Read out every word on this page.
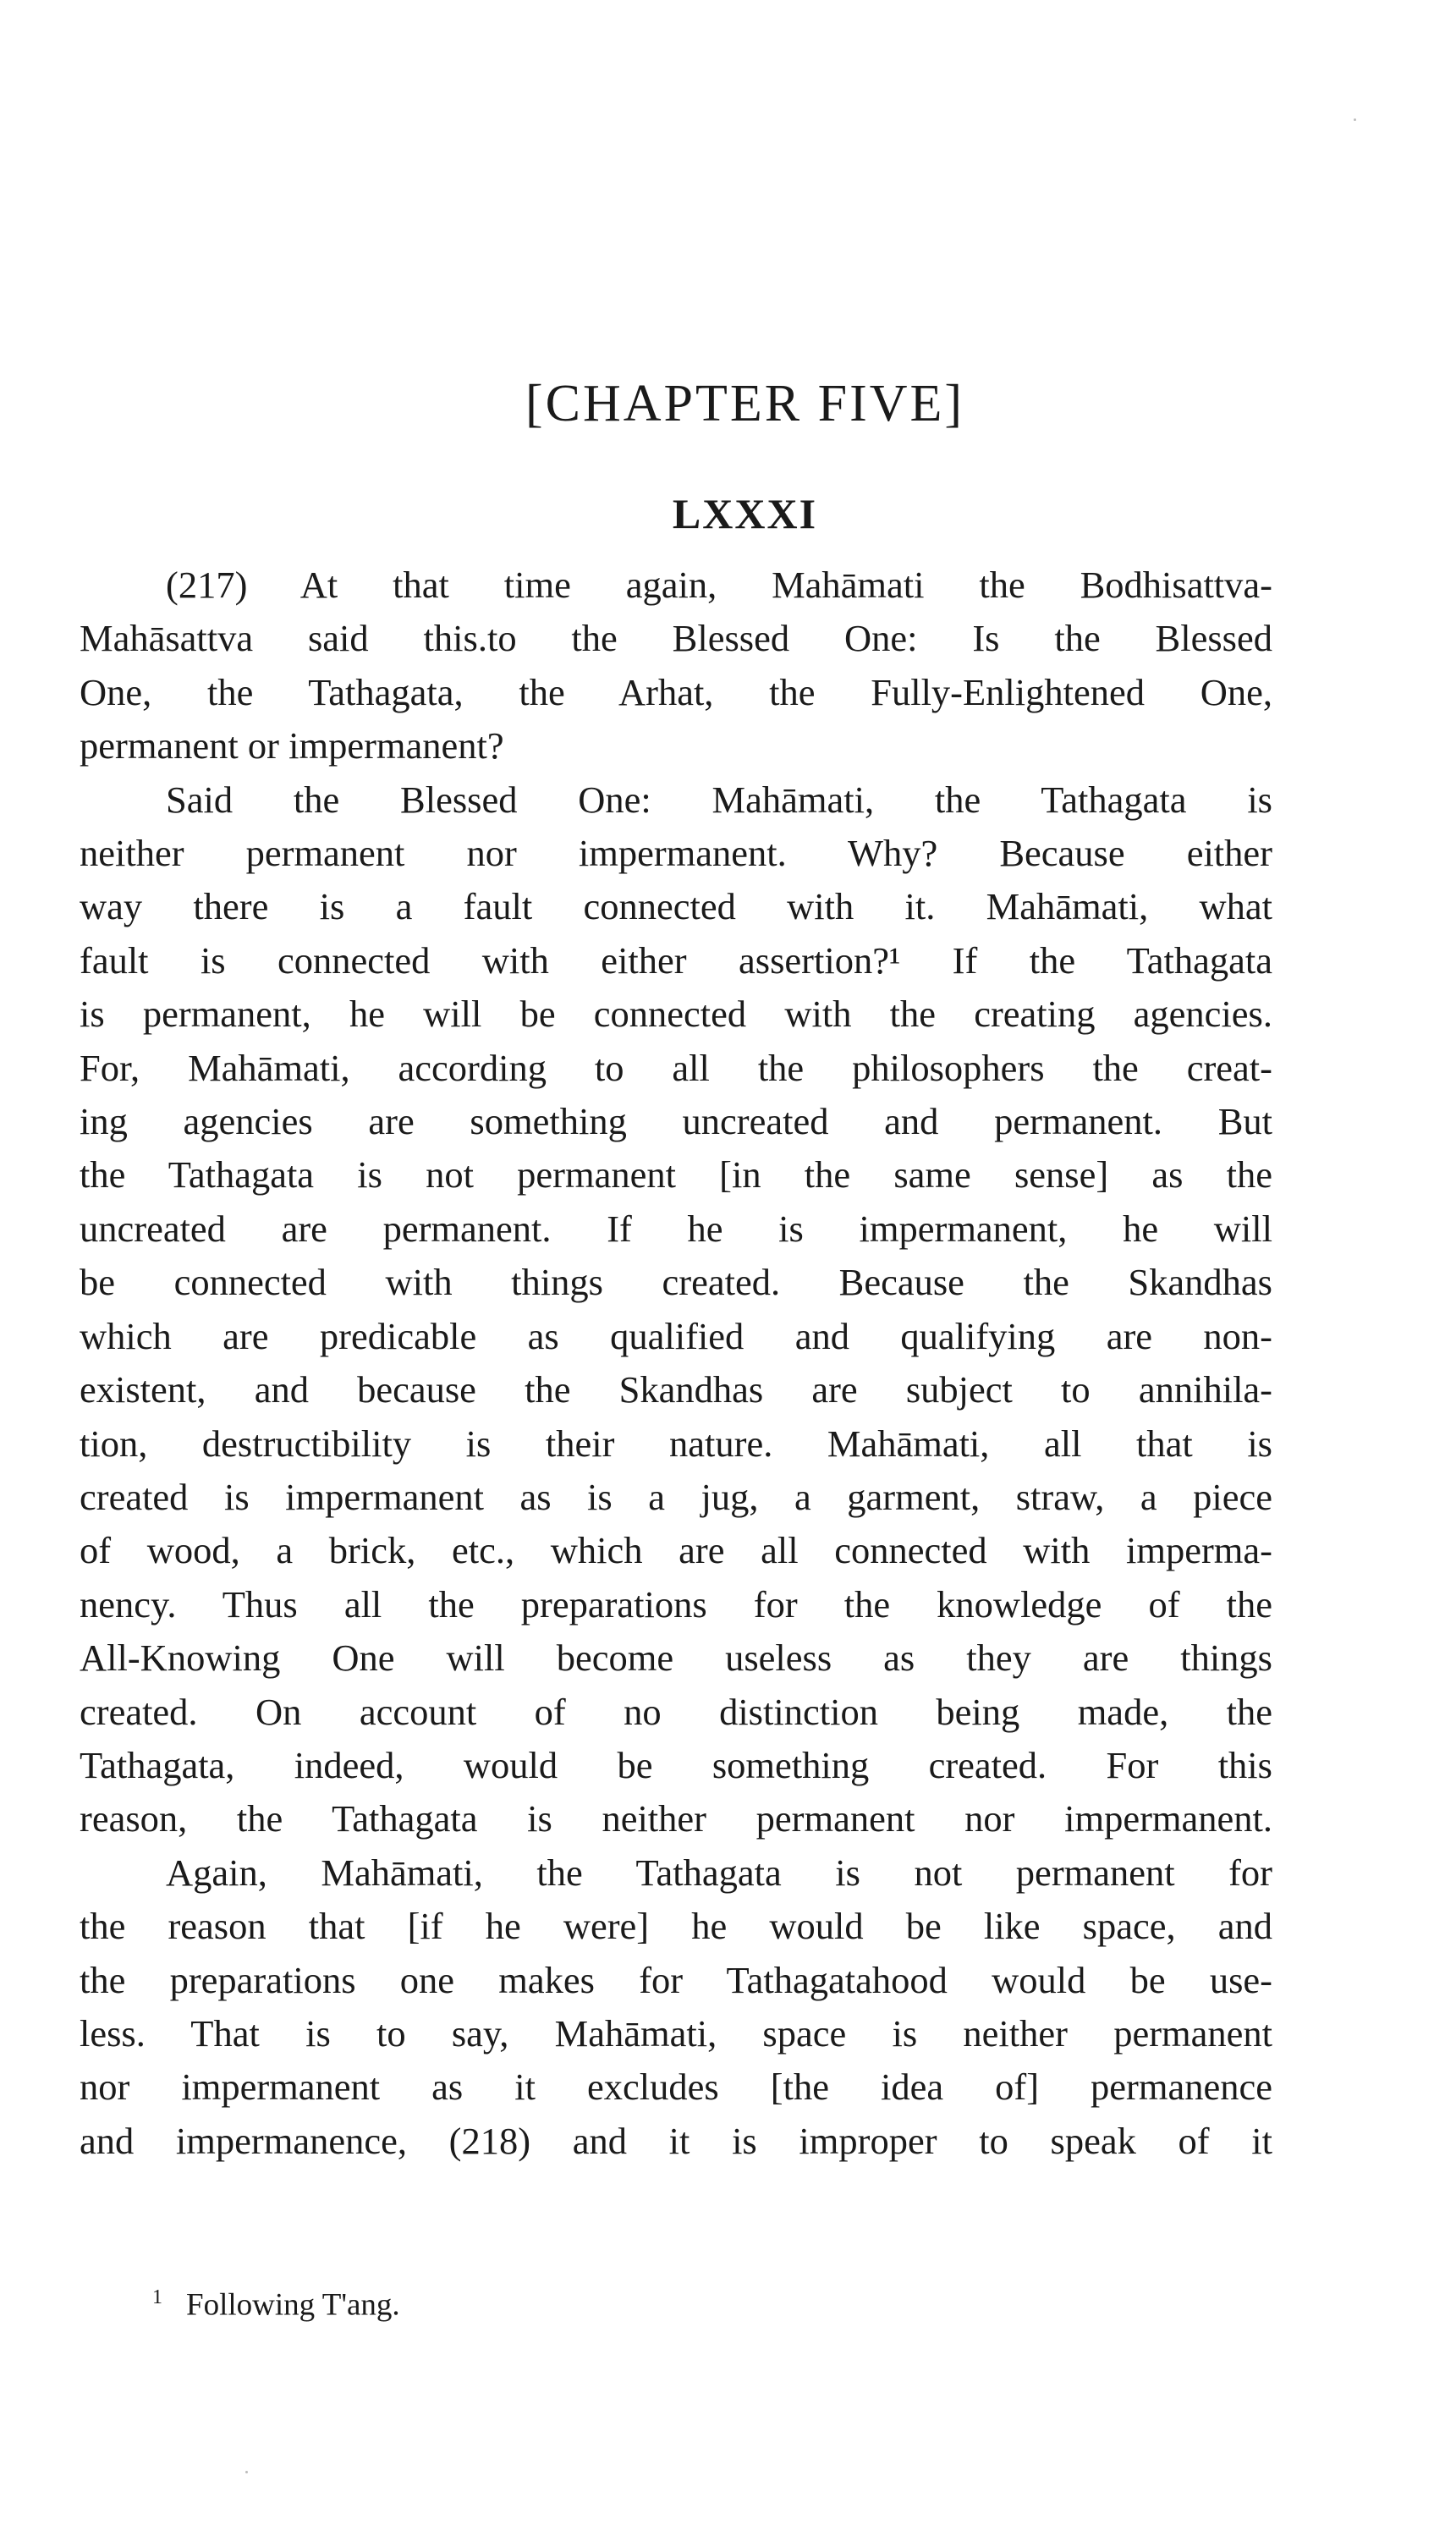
[CHAPTER FIVE]
LXXXI
(217) At that time again, Mahāmati the Bodhisattva-
Mahāsattva said this.to the Blessed One: Is the Blessed
One, the Tathagata, the Arhat, the Fully-Enlightened One,
permanent or impermanent?
Said the Blessed One: Mahāmati, the Tathagata is
neither permanent nor impermanent. Why? Because either
way there is a fault connected with it. Mahāmati, what
fault is connected with either assertion?¹ If the Tathagata
is permanent, he will be connected with the creating agencies.
For, Mahāmati, according to all the philosophers the creat-
ing agencies are something uncreated and permanent. But
the Tathagata is not permanent [in the same sense] as the
uncreated are permanent. If he is impermanent, he will
be connected with things created. Because the Skandhas
which are predicable as qualified and qualifying are non-
existent, and because the Skandhas are subject to annihila-
tion, destructibility is their nature. Mahāmati, all that is
created is impermanent as is a jug, a garment, straw, a piece
of wood, a brick, etc., which are all connected with imperma-
nency. Thus all the preparations for the knowledge of the
All-Knowing One will become useless as they are things
created. On account of no distinction being made, the
Tathagata, indeed, would be something created. For this
reason, the Tathagata is neither permanent nor impermanent.
Again, Mahāmati, the Tathagata is not permanent for
the reason that [if he were] he would be like space, and
the preparations one makes for Tathagatahood would be use-
less. That is to say, Mahāmati, space is neither permanent
nor impermanent as it excludes [the idea of] permanence
and impermanence, (218) and it is improper to speak of it
$^1$ Following T'ang.
